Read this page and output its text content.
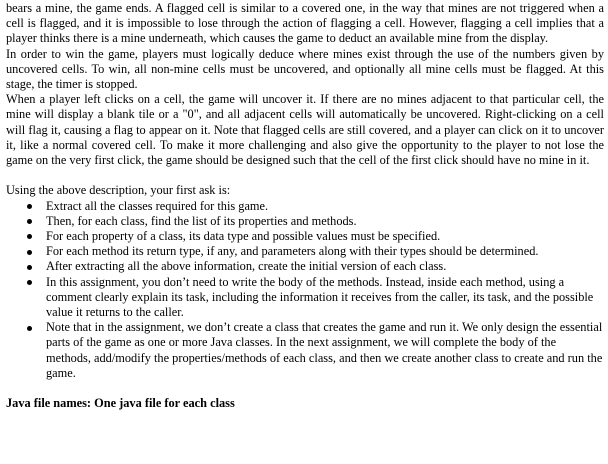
bears a mine, the game ends. A flagged cell is similar to a covered one, in the way that mines are not triggered when a cell is flagged, and it is impossible to lose through the action of flagging a cell. However, flagging a cell implies that a player thinks there is a mine underneath, which causes the game to deduct an available mine from the display.

In order to win the game, players must logically deduce where mines exist through the use of the numbers given by uncovered cells. To win, all non-mine cells must be uncovered, and optionally all mine cells must be flagged. At this stage, the timer is stopped.

When a player left clicks on a cell, the game will uncover it. If there are no mines adjacent to that particular cell, the mine will display a blank tile or a "0", and all adjacent cells will automatically be uncovered. Right-clicking on a cell will flag it, causing a flag to appear on it. Note that flagged cells are still covered, and a player can click on it to uncover it, like a normal covered cell. To make it more challenging and also give the opportunity to the player to not lose the game on the very first click, the game should be designed such that the cell of the first click should have no mine in it.

Using the above description, your first ask is:

Extract all the classes required for this game.
Then, for each class, find the list of its properties and methods.
For each property of a class, its data type and possible values must be specified.
For each method its return type, if any, and parameters along with their types should be determined.
After extracting all the above information, create the initial version of each class.
In this assignment, you don’t need to write the body of the methods. Instead, inside each method, using a comment clearly explain its task, including the information it receives from the caller, its task, and the possible value it returns to the caller.
Note that in the assignment, we don’t create a class that creates the game and run it. We only design the essential parts of the game as one or more Java classes. In the next assignment, we will complete the body of the methods, add/modify the properties/methods of each class, and then we create another class to create and run the game.

Java file names: One java file for each class
